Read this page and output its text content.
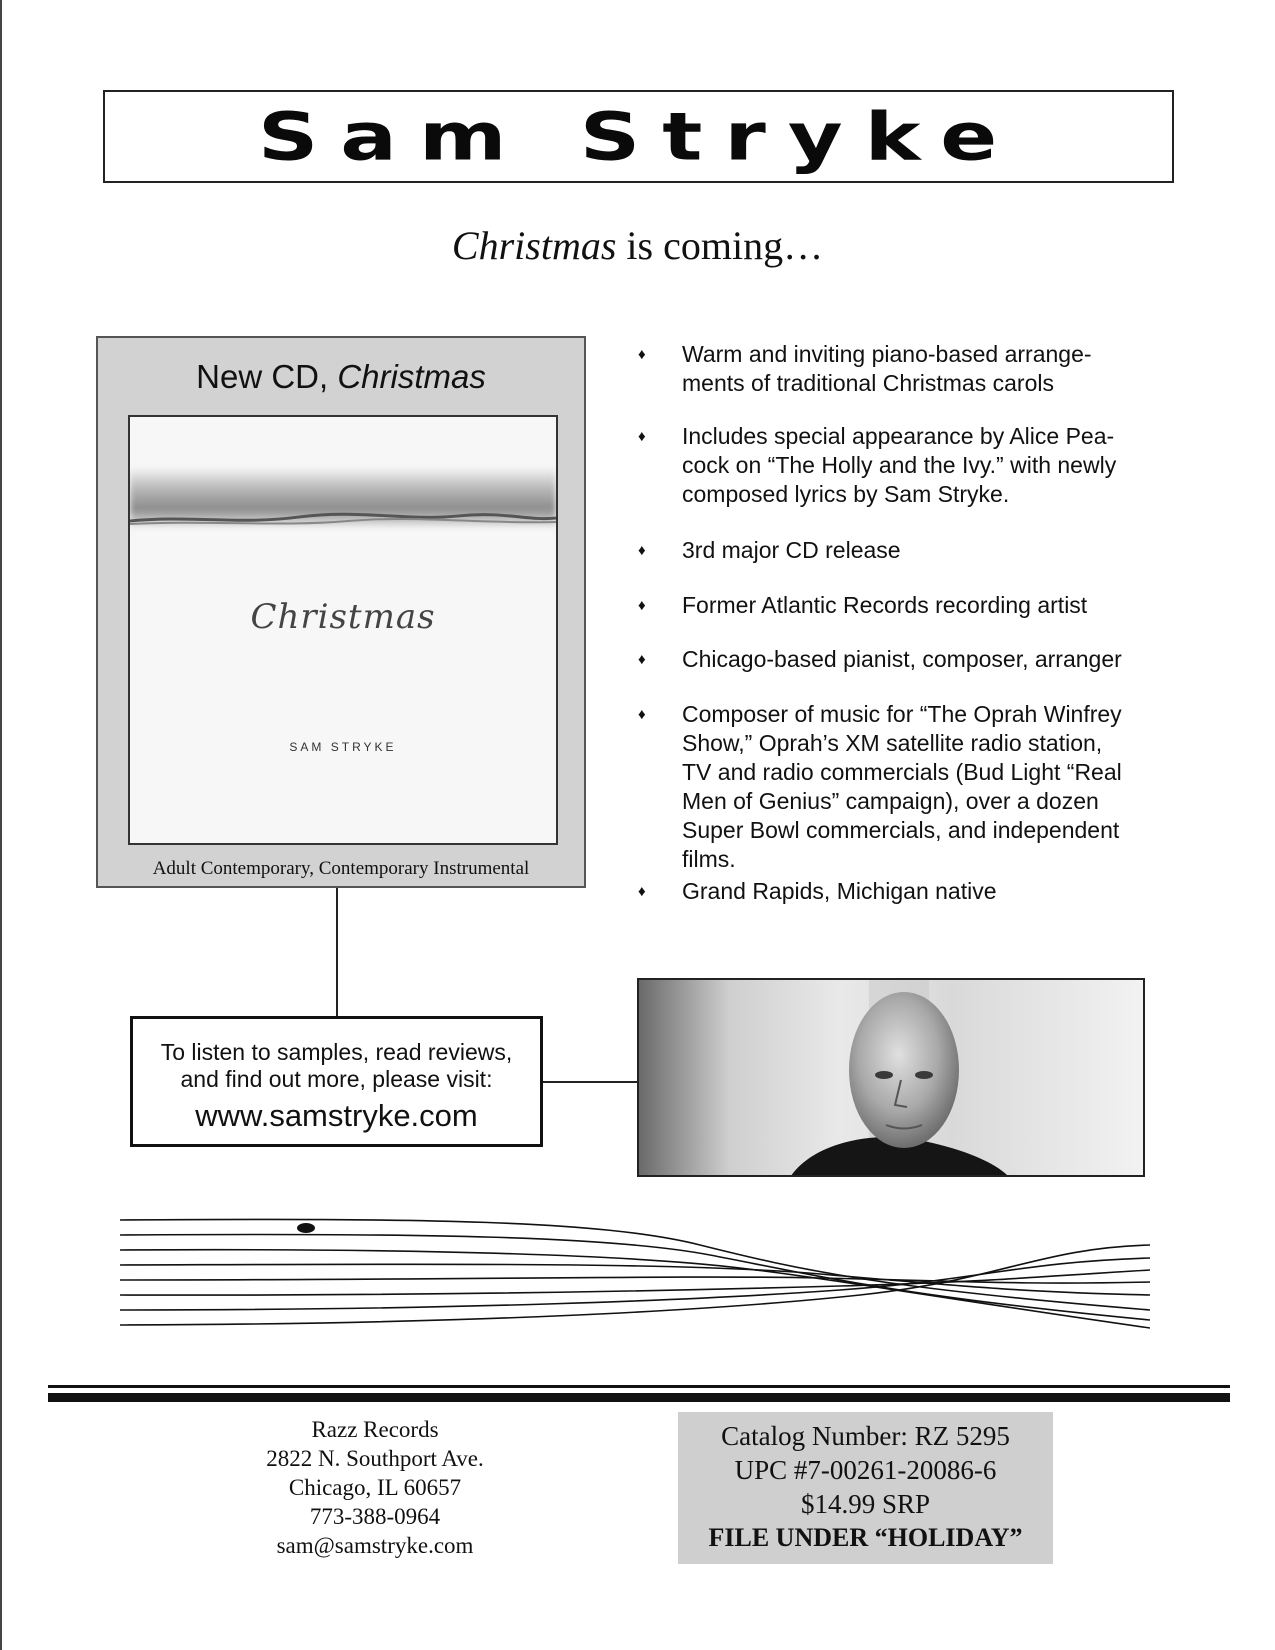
Sam Stryke
Christmas is coming…
New CD, Christmas
Christmas
SAM STRYKE
Adult Contemporary, Contemporary Instrumental
♦ Warm and inviting piano-based arrange-
ments of traditional Christmas carols
♦ Includes special appearance by Alice Pea-
cock on “The Holly and the Ivy.” with newly
composed lyrics by Sam Stryke.
♦ 3rd major CD release
♦ Former Atlantic Records recording artist
♦ Chicago-based pianist, composer, arranger
♦ Composer of music for “The Oprah Winfrey
Show,” Oprah’s XM satellite radio station,
TV and radio commercials (Bud Light “Real
Men of Genius” campaign), over a dozen
Super Bowl commercials, and independent
films.
♦ Grand Rapids, Michigan native
To listen to samples, read reviews,
and find out more, please visit:
www.samstryke.com
Razz Records
2822 N. Southport Ave.
Chicago, IL 60657
773-388-0964
sam@samstryke.com
Catalog Number: RZ 5295
UPC #7-00261-20086-6
$14.99 SRP
FILE UNDER “HOLIDAY”
